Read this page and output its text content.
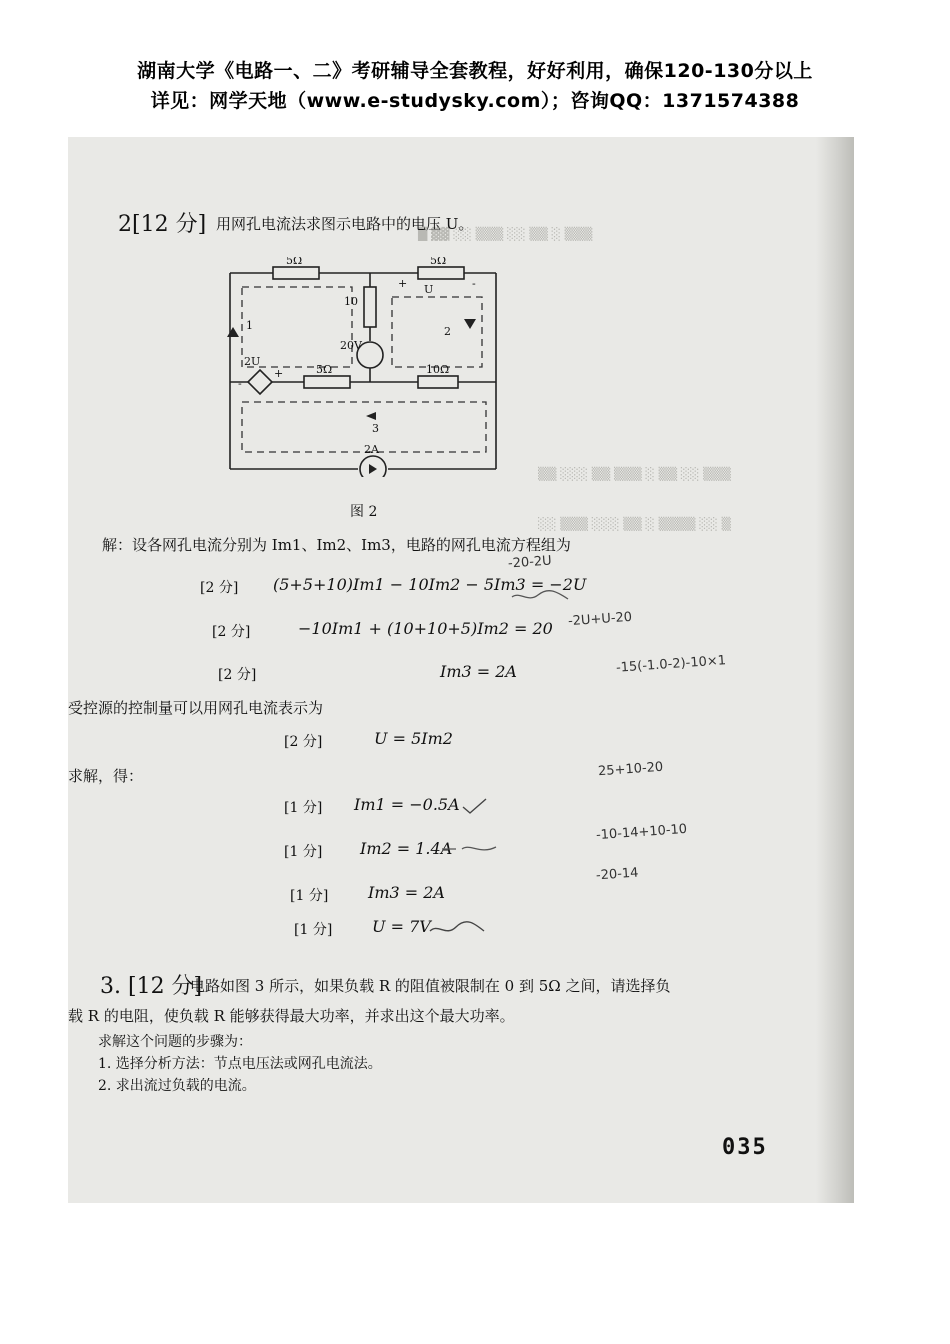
湖南大学《电路一、二》考研辅导全套教程，好好利用，确保120-130分以上
详见：网学天地（www.e-studysky.com）；咨询QQ：1371574388
█ ▓▓ ░░ ▒▒▒ ░░ ▒▒ ░ ▒▒▒
▒▒ ░░░ ▒▒ ▒▒▒ ░ ▒▒ ░░ ▒▒▒
░░ ▒▒▒ ░░░ ▒▒ ░ ▒▒▒▒ ░░ ▒
2[12 分] 用网孔电流法求图示电路中的电压 U。
5Ω	5Ω
10
20V
5Ω	10Ω
2U
U
+	-
-
+
1	2
3
2A
图 2
解：设各网孔电流分别为 Im1、Im2、Im3，电路的网孔电流方程组为
[2 分] (5+5+10)Im1 − 10Im2 − 5Im3 = −2U
[2 分]	−10Im1 + (10+10+5)Im2 = 20
[2 分]	Im3 = 2A
受控源的控制量可以用网孔电流表示为
[2 分]	U = 5Im2
求解，得：
[1 分] Im1 = −0.5A
[1 分] Im2 = 1.4A
[1 分] Im3 = 2A
[1 分] U = 7V
-20-2U
-2U+U-20
-15(-1.0-2)-10×1
25+10-20
-10-14+10-10
-20-14
3. [12 分]
电路如图 3 所示，如果负载 R 的阻值被限制在 0 到 5Ω 之间，请选择负
载 R 的电阻，使负载 R 能够获得最大功率，并求出这个最大功率。
求解这个问题的步骤为：
1. 选择分析方法：节点电压法或网孔电流法。
2. 求出流过负载的电流。
035
